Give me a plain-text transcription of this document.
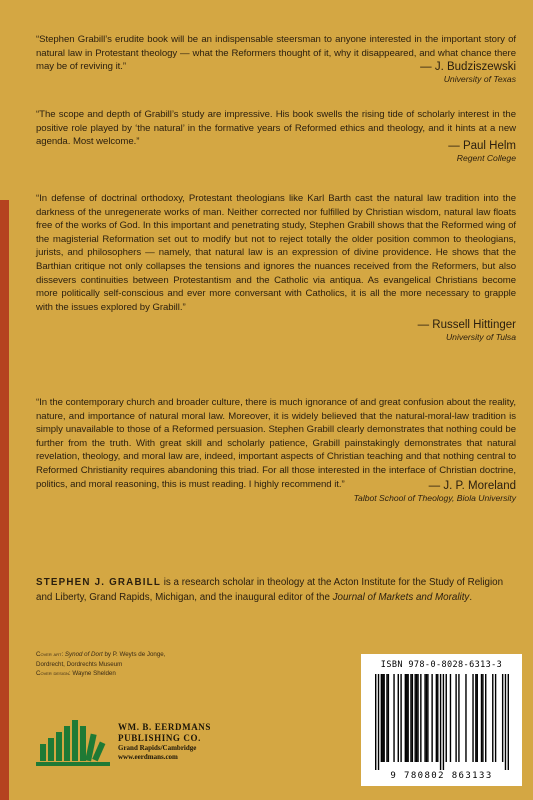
“Stephen Grabill’s erudite book will be an indispensable steersman to anyone interested in the important story of natural law in Protestant theology — what the Reformers thought of it, why it disappeared, and what chance there may be of reviving it.”	— J. Budziszewski
University of Texas

“The scope and depth of Grabill’s study are impressive. His book swells the rising tide of scholarly interest in the positive role played by ‘the natural’ in the formative years of Reformed ethics and theology, and it hints at a new agenda. Most welcome.”	— Paul Helm
Regent College

“In defense of doctrinal orthodoxy, Protestant theologians like Karl Barth cast the natural law tradition into the darkness of the unregenerate works of man. Neither corrected nor fulfilled by Christian wisdom, natural law floats free of the works of God. In this important and penetrating study, Stephen Grabill shows that the Reformed wing of the magisterial Reformation set out to modify but not to reject totally the older position common to theologians, jurists, and philosophers — namely, that natural law is an expression of divine providence. He shows that the Barthian critique not only collapses the tensions and ignores the nuances received from the Reformers, but also dissevers continuities between Protestantism and the Catholic via antiqua. As evangelical Christians become more politically self-conscious and ever more conversant with Catholics, it is all the more necessary to grapple with the issues explored by Grabill.”

— Russell Hittinger
University of Tulsa

“In the contemporary church and broader culture, there is much ignorance of and great confusion about the reality, nature, and importance of natural moral law. Moreover, it is widely believed that the natural-moral-law tradition is simply unavailable to those of a Reformed persuasion. Stephen Grabill clearly demonstrates that nothing could be further from the truth. With great skill and scholarly patience, Grabill painstakingly demonstrates that natural revelation, theology, and moral law are, indeed, important aspects of Christian teaching and that nothing central to Reformed Christianity requires abandoning this triad. For all those interested in the interface of Christian doctrine, politics, and moral reasoning, this is must reading. I highly recommend it.”	— J. P. Moreland
Talbot School of Theology, Biola University

STEPHEN J. GRABILL is a research scholar in theology at the Acton Institute for the Study of Religion and Liberty, Grand Rapids, Michigan, and the inaugural editor of the Journal of Markets and Morality.

Cover art: Synod of Dort by P. Weyts de Jonge,
Dordrecht, Dordrechts Museum
Cover design: Wayne Shelden
WM. B. EERDMANS
PUBLISHING CO.
Grand Rapids/Cambridge
www.eerdmans.com
ISBN 978-0-8028-6313-3
9 780802 863133
